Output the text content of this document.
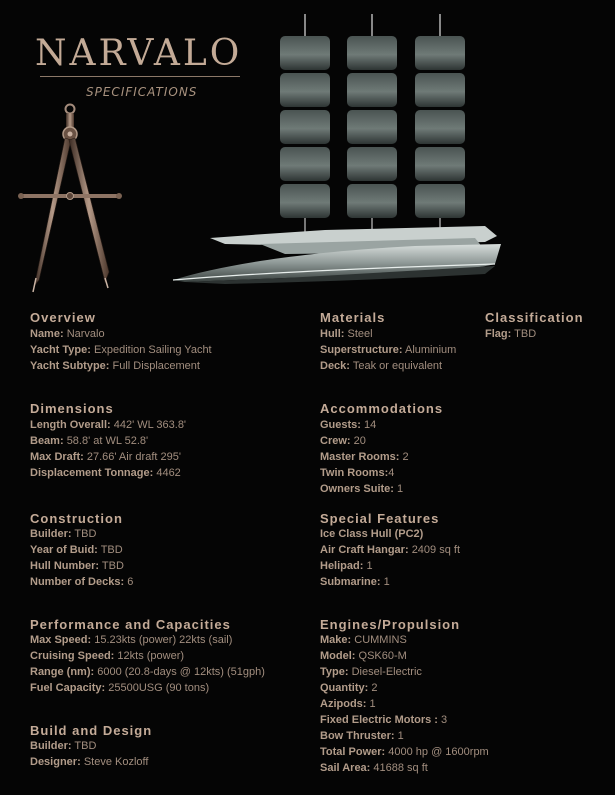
NARVALO
SPECIFICATIONS
Overview
Name: Narvalo
Yacht Type: Expedition Sailing Yacht
Yacht Subtype: Full Displacement
Dimensions
Length Overall: 442' WL 363.8'
Beam: 58.8' at WL 52.8'
Max Draft: 27.66' Air draft 295'
Displacement Tonnage: 4462
Construction
Builder: TBD
Year of Buid: TBD
Hull Number: TBD
Number of Decks: 6
Performance and Capacities
Max Speed: 15.23kts (power) 22kts (sail)
Cruising Speed: 12kts (power)
Range (nm): 6000 (20.8-days @ 12kts) (51gph)
Fuel Capacity: 25500USG (90 tons)
Build and Design
Builder: TBD
Designer: Steve Kozloff
Materials
Hull: Steel
Superstructure: Aluminium
Deck: Teak or equivalent
Accommodations
Guests: 14
Crew: 20
Master Rooms: 2
Twin Rooms:4
Owners Suite: 1
Special Features
Ice Class Hull (PC2)
Air Craft Hangar: 2409 sq ft
Helipad: 1
Submarine: 1
Engines/Propulsion
Make: CUMMINS
Model: QSK60-M
Type: Diesel-Electric
Quantity: 2
Azipods: 1
Fixed Electric Motors : 3
Bow Thruster: 1
Total Power: 4000 hp @ 1600rpm
Sail Area: 41688 sq ft
Classification
Flag: TBD
